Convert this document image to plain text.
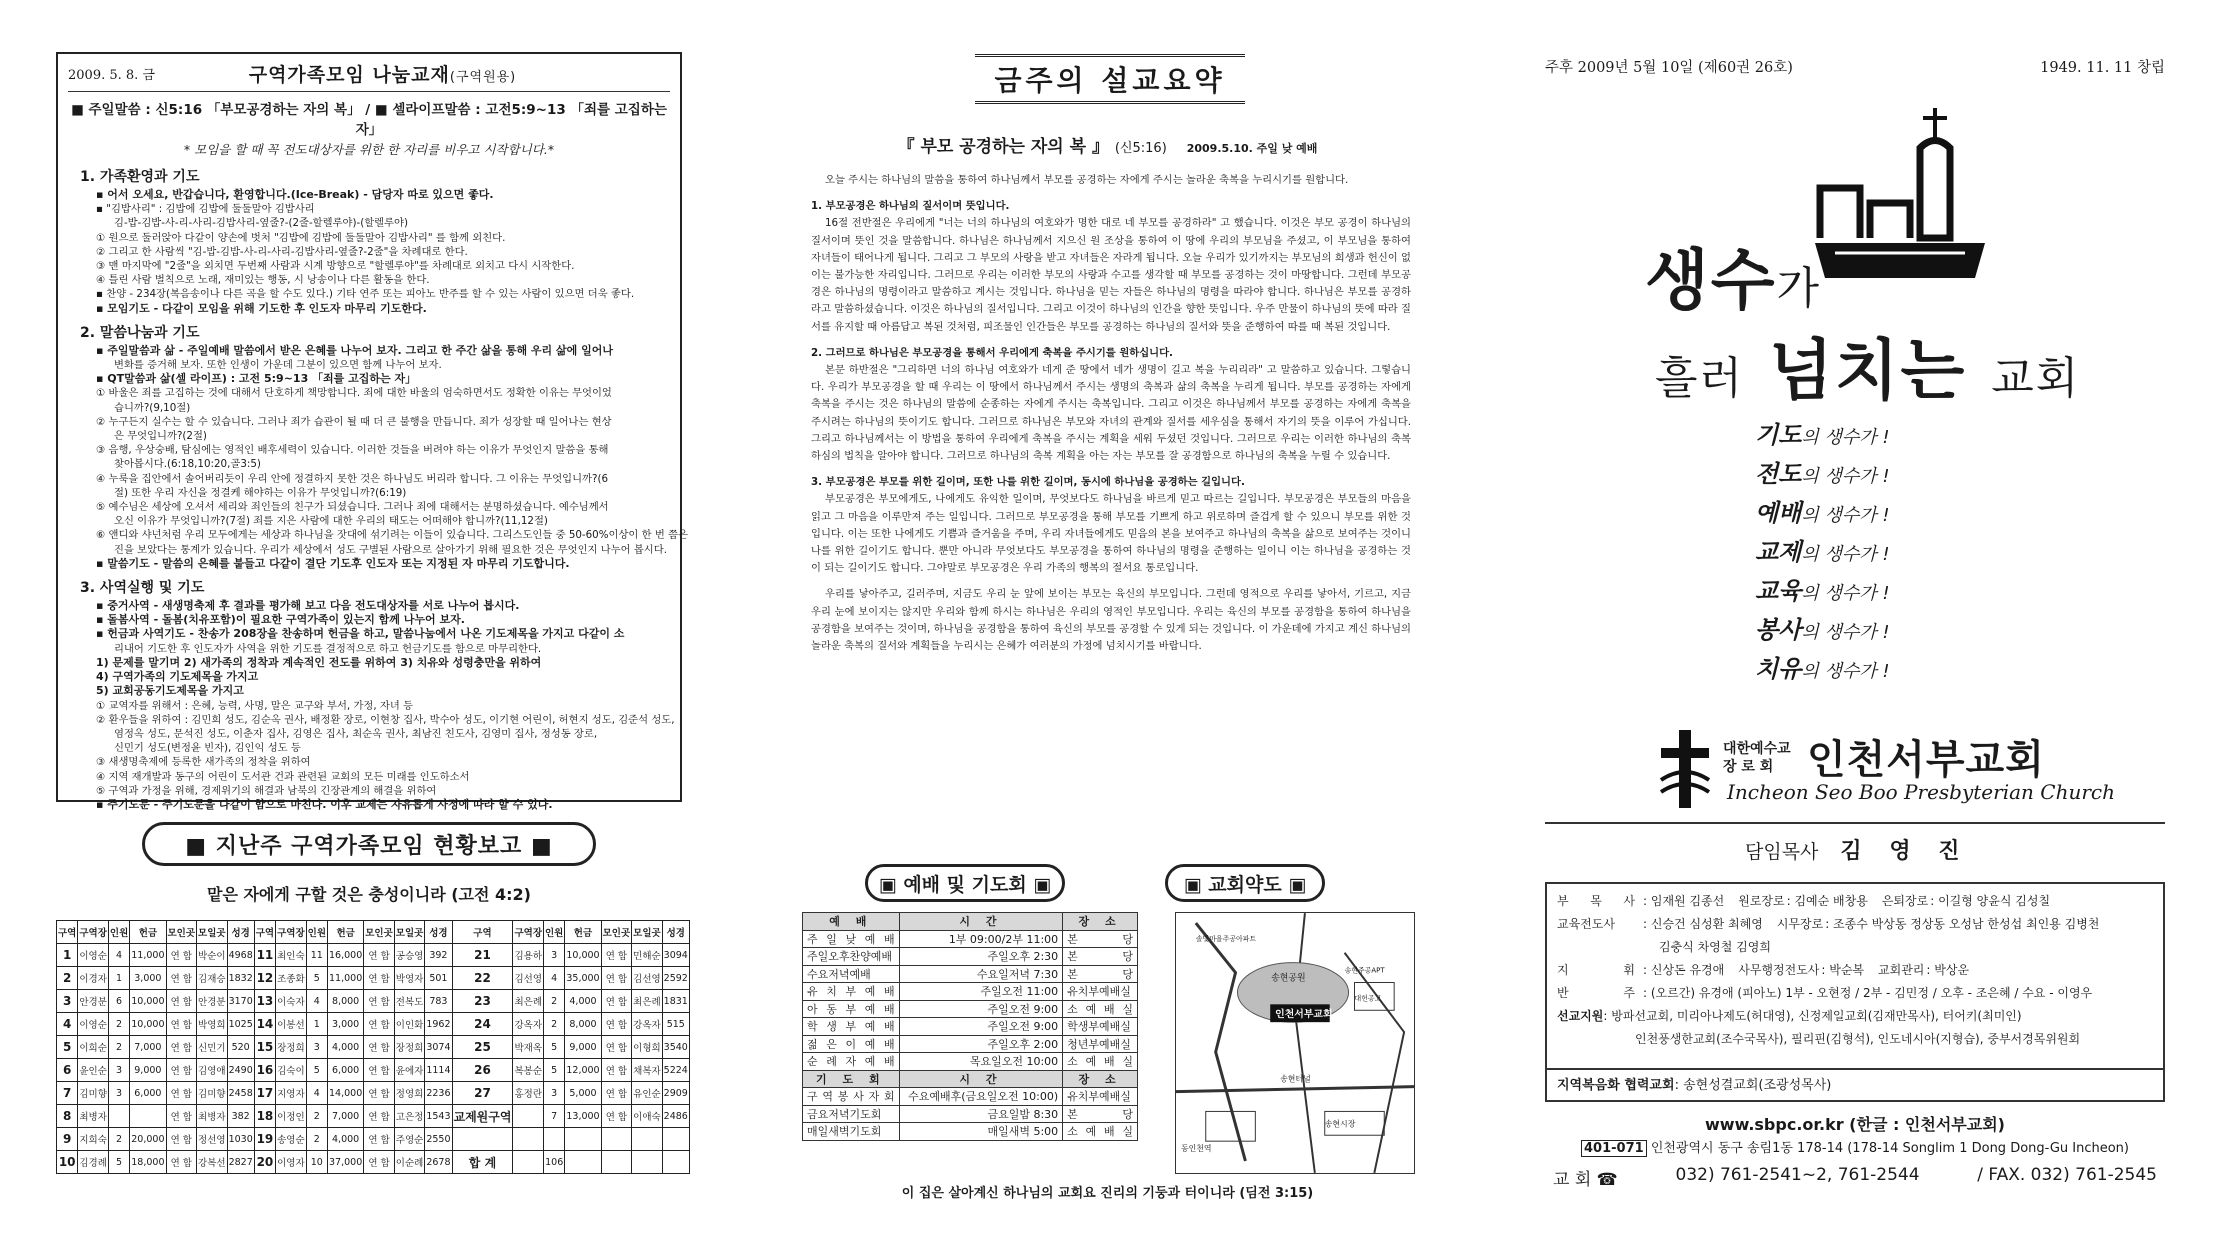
2009. 5. 8. 금	구역가족모임 나눔교재(구역원용)
■ 주일말씀 : 신5:16 「부모공경하는 자의 복」 / ■ 셀라이프말씀 : 고전5:9~13 「죄를 고집하는 자」
* 모임을 할 때 꼭 전도대상자를 위한 한 자리를 비우고 시작합니다.*
1. 가족환영과 기도
▪ 어서 오세요, 반갑습니다, 환영합니다.(Ice-Break) - 담당자 따로 있으면 좋다.
▪ "김밥사리" : 김밥에 김밥에 둘둘말아 김밥사리
김-밥-김밥-사-리-사리-김밥사리-옆줄?-(2줄-할렐루야)-(할렐루야)
① 원으로 둘러앉아 다같이 양손에 벗처 "김밥에 김밥에 둘둘말아 김밥사리" 를 함께 외친다.
② 그리고 한 사람씩 "김-밥-김밥-사-리-사리-김밥사리-옆줄?-2줄"을 차례대로 한다.
③ 맨 마지막에 "2줄"을 외치면 두번째 사람과 시계 방향으로 "할렐루야"를 차례대로 외치고 다시 시작한다.
④ 틀린 사람 벌칙으로 노래, 재미있는 행동, 시 낭송이나 다른 활동을 한다.
▪ 찬양 - 234장(복음송이나 다른 곡을 할 수도 있다.) 기타 연주 또는 피아노 반주를 할 수 있는 사람이 있으면 더욱 좋다.
▪ 모임기도 - 다같이 모임을 위해 기도한 후 인도자 마무리 기도한다.
2. 말씀나눔과 기도
▪ 주일말씀과 삶 - 주일예배 말씀에서 받은 은혜를 나누어 보자. 그리고 한 주간 삶을 통해 우리 삶에 일어나
변화를 증거해 보자. 또한 인생이 가운데 그분이 있으면 함께 나누어 보자.
▪ QT말씀과 삶(셀 라이프) : 고전 5:9~13 「죄를 고집하는 자」
① 바울은 죄를 고집하는 것에 대해서 단호하게 책망합니다. 죄에 대한 바울의 엄숙하면서도 정확한 이유는 무엇이었
습니까?(9,10절)
② 누구든지 실수는 할 수 있습니다. 그러나 죄가 습관이 될 때 더 큰 불행을 만듭니다. 죄가 성장할 때 일어나는 현상
은 무엇입니까?(2절)
③ 음행, 우상숭배, 탐심에는 영적인 배후세력이 있습니다. 이러한 것들을 버려야 하는 이유가 무엇인지 말씀을 통해
찾아봅시다.(6:18,10:20,골3:5)
④ 누룩을 집안에서 솔어버리듯이 우리 안에 정결하지 못한 것은 하나님도 버리라 합니다. 그 이유는 무엇입니까?(6
절) 또한 우리 자신을 정결케 해야하는 이유가 무엇입니까?(6:19)
⑤ 예수님은 세상에 오셔서 세리와 죄인들의 친구가 되셨습니다. 그러나 죄에 대해서는 분명하셨습니다. 예수님께서
오신 이유가 무엇입니까?(7절) 죄를 지은 사람에 대한 우리의 태도는 어떠해야 합니까?(11,12절)
⑥ 앤디와 샤넌처럼 우리 모두에게는 세상과 하나님을 잣대에 섞기려는 이들이 있습니다. 그리스도인들 중 50-60%이상이 한 번 쯤은
진을 보았다는 통계가 있습니다. 우리가 세상에서 성도 구별된 사람으로 살아가기 위해 필요한 것은 무엇인지 나누어 봅시다.
▪ 말씀기도 - 말씀의 은혜를 붙들고 다같이 결단 기도후 인도자 또는 지정된 자 마무리 기도합니다.
3. 사역실행 및 기도
▪ 중거사역 - 새생명축제 후 결과를 평가해 보고 다음 전도대상자를 서로 나누어 봅시다.
▪ 돌봄사역 - 돌봄(치유포함)이 필요한 구역가족이 있는지 함께 나누어 보자.
▪ 헌금과 사역기도 - 찬송가 208장을 찬송하며 헌금을 하고, 말씀나눔에서 나온 기도제목을 가지고 다같이 소
리내어 기도한 후 인도자가 사역을 위한 기도를 결정적으로 하고 헌금기도를 함으로 마무리한다.
1) 문제를 말기며 2) 새가족의 정착과 계속적인 전도를 위하여 3) 치유와 성령충만을 위하여
4) 구역가족의 기도제목을 가지고
5) 교회공동기도제목을 가지고
① 교역자를 위해서 : 은혜, 능력, 사명, 말은 교구와 부서, 가정, 자녀 등
② 환우들을 위하여 : 김민희 성도, 김순옥 권사, 배정환 장로, 이현창 집사, 박수아 성도, 이기현 어린이, 허현지 성도, 김준석 성도,
염정옥 성도, 문석진 성도, 이춘자 집사, 김영은 집사, 최순옥 권사, 최남진 친도사, 김영미 집사, 정성동 장로,
신민기 성도(변정윤 빈자), 김인익 성도 등
③ 새생명축제에 등록한 새가족의 정착을 위하여
④ 지역 재개발과 동구의 어린이 도서관 건과 관련된 교회의 모든 미래를 인도하소서
⑤ 구역과 가정을 위해, 경제위기의 해결과 남북의 긴장관계의 해결을 위하여
▪ 주기도문 - 주기도문을 다같이 함으로 마친다. 이후 교제는 자유롭게 사정에 따라 할 수 있다.
■ 지난주 구역가족모임 현황보고 ■
맡은 자에게 구할 것은 충성이니라 (고전 4:2)
구역	구역장	인원	헌금	모인곳	모일곳	성경	구역	구역장	인원	헌금	모인곳	모일곳	성경	구역	구역장	인원	헌금	모인곳	모일곳	성경
1	이영순	4	11,000	연 합	박순이	4968	11	최인숙	11	16,000	연 합	공승영	392	21	김용하	3	10,000	연 합	민해순	3094
2	이경자	1	3,000	연 합	김재승	1832	12	조종화	5	11,000	연 합	박영자	501	22	김선영	4	35,000	연 합	김선영	2592
3	안경분	6	10,000	연 합	안경분	3170	13	이숙자	4	8,000	연 합	전복도	783	23	최은례	2	4,000	연 합	최은례	1831
4	이영순	2	10,000	연 합	박영희	1025	14	이봉선	1	3,000	연 합	이인화	1962	24	강옥자	2	8,000	연 합	강옥자	515
5	이희순	2	7,000	연 합	신민기	520	15	장정희	3	4,000	연 합	장정희	3074	25	박재옥	5	9,000	연 합	이형희	3540
6	윤인순	3	9,000	연 합	김영애	2490	16	김숙이	5	6,000	연 합	윤에자	1114	26	복봉순	5	12,000	연 합	채복자	5224
7	김미향	3	6,000	연 합	김미향	2458	17	지영자	4	14,000	연 합	정영희	2236	27	홍정란	3	5,000	연 합	유인순	2909
8	최병자			연 합	최병자	382	18	이정인	2	7,000	연 합	고은정	1543	교제원구역		7	13,000	연 합	이애숙	2486
9	지희숙	2	20,000	연 합	정선영	1030	19	송영순	2	4,000	연 합	주영순	2550							
10	김경례	5	18,000	연 합	강복선	2827	20	이영자	10	37,000	연 합	이순례	2678	합 계		106				
금주의 설교요약
『 부모 공경하는 자의 복 』 (신5:16) 2009.5.10. 주일 낮 예배

오늘 주시는 하나님의 말씀을 통하여 하나님께서 부모를 공경하는 자에게 주시는 놀라운 축복을 누리시기를 원합니다.

1. 부모공경은 하나님의 질서이며 뜻입니다.

16절 전반절은 우리에게 "너는 너의 하나님의 여호와가 명한 대로 네 부모를 공경하라" 고 했습니다. 이것은 부모 공경이 하나님의 질서이며 뜻인 것을 말씀합니다. 하나님은 하나님께서 지으신 원 조상을 통하여 이 땅에 우리의 부모님을 주셨고, 이 부모님을 통하여 자녀들이 태어나게 됩니다. 그리고 그 부모의 사랑을 받고 자녀들은 자라게 됩니다. 오늘 우리가 있기까지는 부모님의 희생과 헌신이 없이는 불가능한 자리입니다. 그러므로 우리는 이러한 부모의 사랑과 수고를 생각할 때 부모를 공경하는 것이 마땅합니다. 그런데 부모공경은 하나님의 명령이라고 말씀하고 계시는 것입니다. 하나님을 믿는 자들은 하나님의 명령을 따라야 합니다. 하나님은 부모를 공경하라고 말씀하셨습니다. 이것은 하나님의 질서입니다. 그리고 이것이 하나님의 인간을 향한 뜻입니다. 우주 만물이 하나님의 뜻에 따라 질서를 유지할 때 아름답고 복된 것처럼, 피조물인 인간들은 부모를 공경하는 하나님의 질서와 뜻을 준행하여 따를 때 복된 것입니다.

2. 그러므로 하나님은 부모공경을 통해서 우리에게 축복을 주시기를 원하십니다.

본문 하반절은 "그리하면 너의 하나님 여호와가 네게 준 땅에서 네가 생명이 길고 복을 누리리라" 고 말씀하고 있습니다. 그렇습니다. 우리가 부모공경을 할 때 우리는 이 땅에서 하나님께서 주시는 생명의 축복과 삶의 축복을 누리게 됩니다. 부모를 공경하는 자에게 축복을 주시는 것은 하나님의 말씀에 순종하는 자에게 주시는 축복입니다. 그리고 이것은 하나님께서 부모를 공경하는 자에게 축복을 주시려는 하나님의 뜻이기도 합니다. 그러므로 하나님은 부모와 자녀의 관계와 질서를 세우심을 통해서 자기의 뜻을 이루어 가십니다. 그리고 하나님께서는 이 방법을 통하여 우리에게 축복을 주시는 계획을 세워 두셨던 것입니다. 그러므로 우리는 이러한 하나님의 축복하심의 법칙을 알아야 합니다. 그러므로 하나님의 축복 계획을 아는 자는 부모를 잘 공경함으로 하나님의 축복을 누릴 수 있습니다.

3. 부모공경은 부모를 위한 길이며, 또한 나를 위한 길이며, 동시에 하나님을 공경하는 길입니다.

부모공경은 부모에게도, 나에게도 유익한 일이며, 무엇보다도 하나님을 바르게 믿고 따르는 길입니다. 부모공경은 부모들의 마음을 읽고 그 마음을 이루만져 주는 일입니다. 그러므로 부모공경을 통해 부모를 기쁘게 하고 위로하며 즐겁게 할 수 있으니 부모를 위한 것입니다. 이는 또한 나에게도 기쁨과 즐거움을 주며, 우리 자녀들에게도 믿음의 본을 보여주고 하나님의 축복을 삶으로 보여주는 것이니 나를 위한 길이기도 합니다. 뿐만 아니라 무엇보다도 부모공경을 통하여 하나님의 명령을 준행하는 일이니 이는 하나님을 공경하는 것이 되는 길이기도 합니다. 그야말로 부모공경은 우리 가족의 행복의 절서요 통로입니다.

우리를 낳아주고, 길러주며, 지금도 우리 눈 앞에 보이는 부모는 육신의 부모입니다. 그런데 영적으로 우리를 낳아서, 기르고, 지금 우리 눈에 보이지는 않지만 우리와 함께 하시는 하나님은 우리의 영적인 부모입니다. 우리는 육신의 부모를 공경함을 통하여 하나님을 공경함을 보여주는 것이며, 하나님을 공경함을 통하여 육신의 부모를 공경할 수 있게 되는 것입니다. 이 가운데에 가지고 계신 하나님의 놀라운 축복의 질서와 계획들을 누리시는 은혜가 여러분의 가정에 넘치시기를 바랍니다.

▣ 예배 및 기도회 ▣	▣ 교회약도 ▣
예 배	시 간	장 소
주 일 낮 예 배	1부 09:00/2부 11:00	본 당
주일오후찬양예배	주일오후 2:30	본 당
수요저녁예배	수요일저녁 7:30	본 당
유 치 부 예 배	주일오전 11:00	유치부예배실
아 동 부 예 배	주일오전 9:00	소 예 배 실
학 생 부 예 배	주일오전 9:00	학생부예배실
젊 은 이 예 배	주일오후 2:00	청년부예배실
순 례 자 예 배	목요일오전 10:00	소 예 배 실
기 도 회	시 간	장 소
구 역 봉 사 자 회	수요예배후(금요일오전 10:00)	유치부예배실
금요저녁기도회	금요일밤 8:30	본 당
매일새벽기도회	매일새벽 5:00	소 예 배 실
인천서부교회
송현공원
솔빛마을주공아파트
송현주공APT
동인천역
송현시장
송현터널
대헌공고
이 집은 살아계신 하나님의 교회요 진리의 기둥과 터이니라 (딤전 3:15)
주후 2009년 5월 10일 (제60권 26호)	1949. 11. 11 창립
생수가
흘러 넘치는 교회
기도의 생수가 !
전도의 생수가 !
예배의 생수가 !
교제의 생수가 !
교육의 생수가 !
봉사의 생수가 !
치유의 생수가 !
대한예수교
장 로 회 인천서부교회
Incheon Seo Boo Presbyterian Church
담임목사 김 영 진
부 목 사 : 임재원 김종선 원로장로 : 김예순 배창용 은퇴장로 : 이길형 양윤식 김성칠
교육전도사	: 신승건 심성환 최혜영 시무장로 : 조종수 박상동 정상동 오성남 한성섭 최인용 김병천
김충식 차영철 김영희
지 휘 : 신상돈 유경애 사무행정전도사 : 박순복 교회관리 : 박상운
반 주 : (오르간) 유경애 (피아노) 1부 - 오현정 / 2부 - 김민정 / 오후 - 조은혜 / 수요 - 이영우
선교지원 : 방파선교회, 미리아나제도(허대영), 신정제일교회(김재만목사), 터어키(최미인)
인천풍생한교회(조수국목사), 필리핀(김형석), 인도네시아(지형습), 중부서경목위원회
지역복음화 협력교회: 송현성결교회(조광성목사)
www.sbpc.or.kr (한글 : 인천서부교회)
401-071 인천광역시 동구 송림1동 178-14 (178-14 Songlim 1 Dong Dong-Gu Incheon)
교 회 ☎	032) 761-2541~2, 761-2544	/ FAX. 032) 761-2545
